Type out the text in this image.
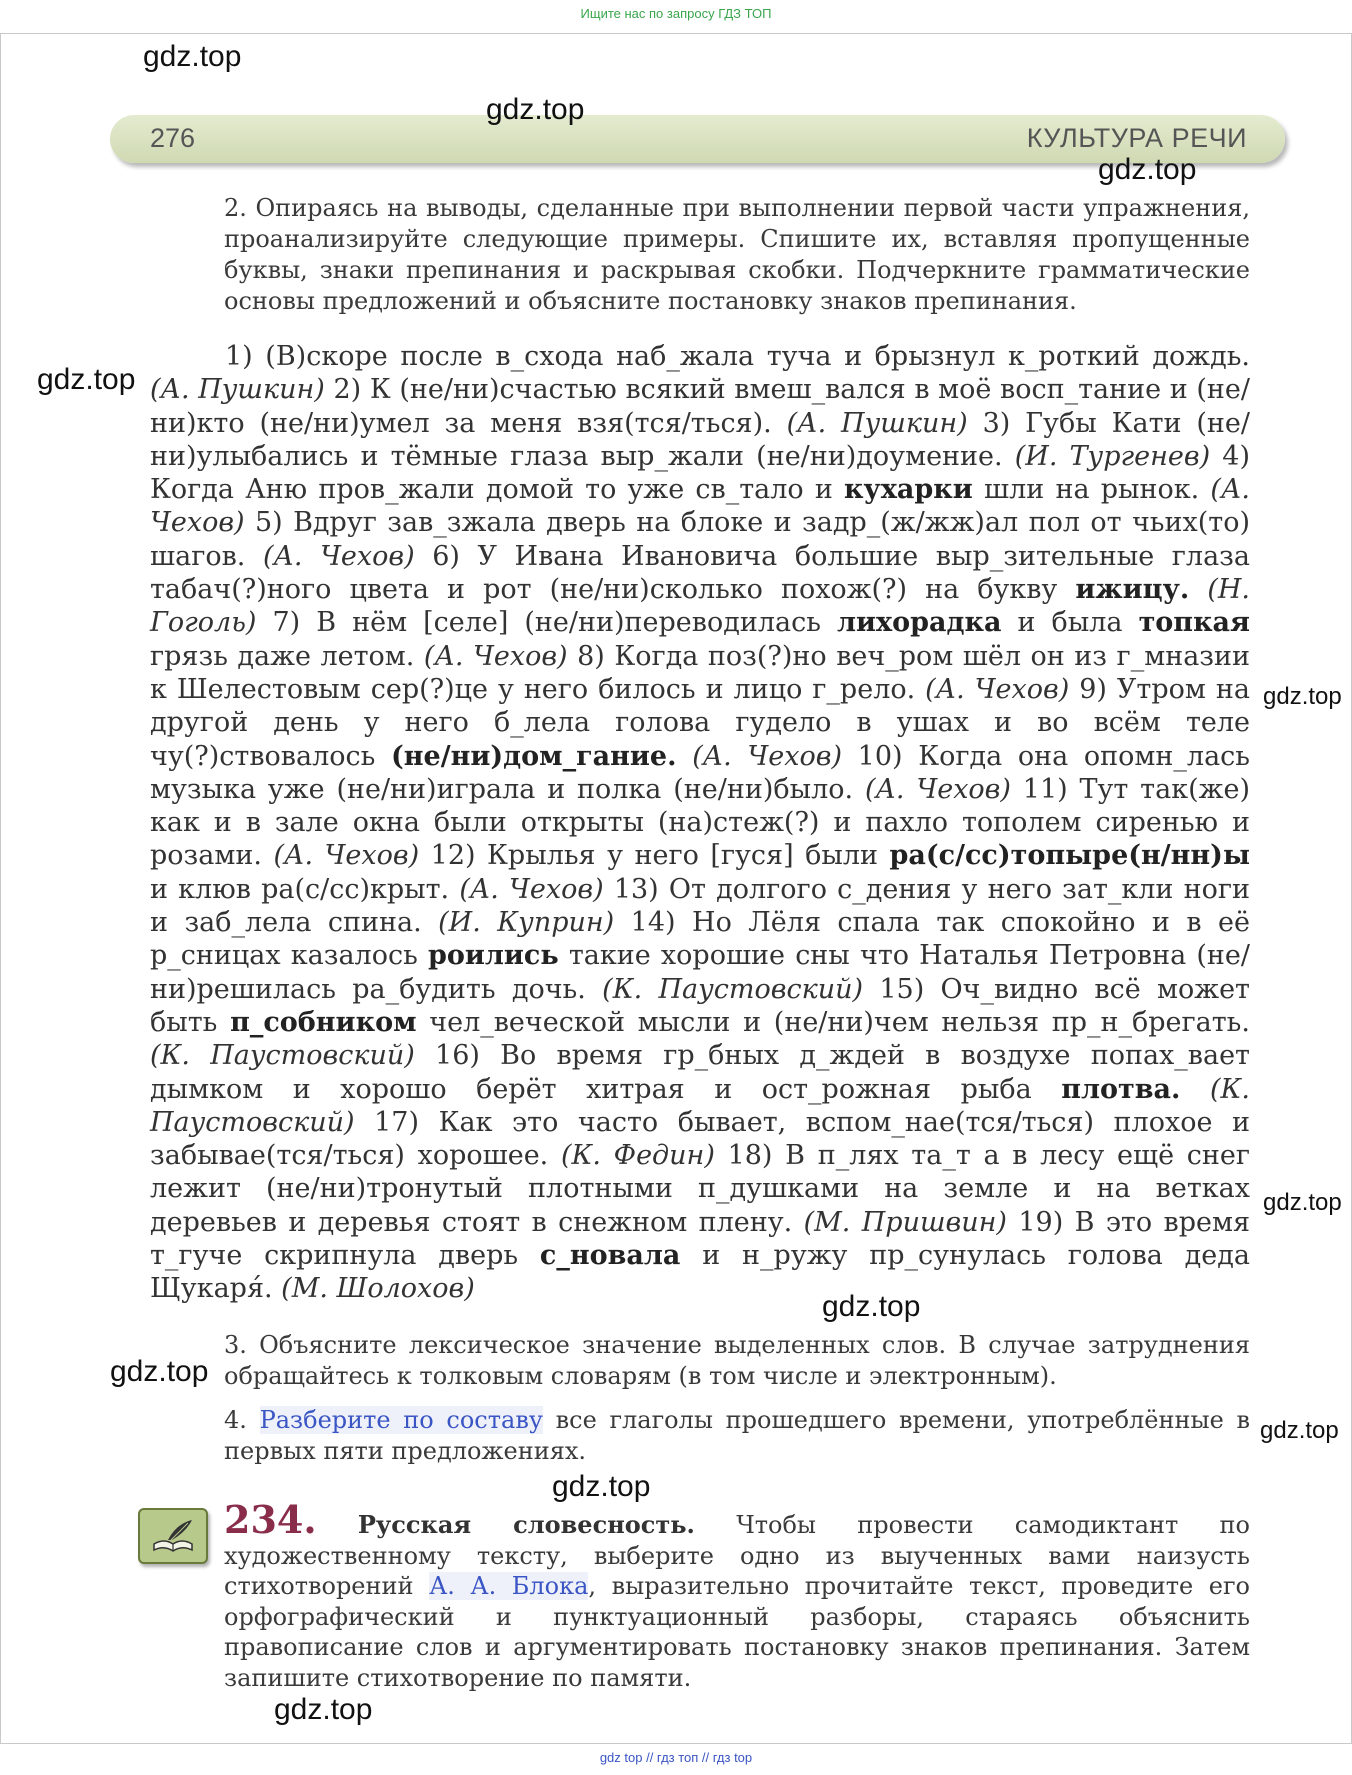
Ищите нас по запросу ГДЗ ТОП
276	КУЛЬТУРА РЕЧИ

2. Опираясь на выводы, сделанные при выполнении первой части упражнения, проанализируйте следующие примеры. Спишите их, вставляя пропущенные буквы, знаки препинания и раскрывая скобки. Подчеркните грамматические основы предложений и объясните постановку знаков препинания.

1) (В)скоре после в_схода наб_жала туча и брызнул к_роткий дождь. (А. Пушкин) 2) К (не/ни)счастью всякий вмеш_вался в моё восп_тание и (не/ни)кто (не/ни)умел за меня взя(тся/ться). (А. Пушкин) 3) Губы Кати (не/ни)улыбались и тёмные глаза выр_жали (не/ни)доумение. (И. Тургенев) 4) Когда Аню пров_жали домой то уже св_тало и кухарки шли на рынок. (А. Чехов) 5) Вдруг зав_зжала дверь на блоке и задр_(ж/жж)ал пол от чьих(то) шагов. (А. Чехов) 6) У Ивана Ивановича большие выр_зительные глаза табач(?)ного цвета и рот (не/ни)сколько похож(?) на букву ижицу. (Н. Гоголь) 7) В нём [селе] (не/ни)переводилась лихорадка и была топкая грязь даже летом. (А. Чехов) 8) Когда поз(?)но веч_ром шёл он из г_мназии к Шелестовым сер(?)це у него билось и лицо г_рело. (А. Чехов) 9) Утром на другой день у него б_лела голова гудело в ушах и во всём теле чу(?)ствовалось (не/ни)дом_гание. (А. Чехов) 10) Когда она опомн_лась музыка уже (не/ни)играла и полка (не/ни)было. (А. Чехов) 11) Тут так(же) как и в зале окна были открыты (на)стеж(?) и пахло тополем сиренью и розами. (А. Чехов) 12) Крылья у него [гуся] были ра(с/сс)топыре(н/нн)ы и клюв ра(с/сс)крыт. (А. Чехов) 13) От долгого с_дения у него зат_кли ноги и заб_лела спина. (И. Куприн) 14) Но Лёля спала так спокойно и в её р_сницах казалось роились такие хорошие сны что Наталья Петровна (не/ни)решилась ра_будить дочь. (К. Паустовский) 15) Оч_видно всё может быть п_собником чел_веческой мысли и (не/ни)чем нельзя пр_н_брегать. (К. Паустовский) 16) Во время гр_бных д_ждей в воздухе попах_вает дымком и хорошо берёт хитрая и ост_рожная рыба плотва. (К. Паустовский) 17) Как это часто бывает, вспом_нае(тся/ться) плохое и забывае(тся/ться) хорошее. (К. Федин) 18) В п_лях та_т а в лесу ещё снег лежит (не/ни)тронутый плотными п_душками на земле и на ветках деревьев и деревья стоят в снежном плену. (М. Пришвин) 19) В это время т_гуче скрипнула дверь с_новала и н_ружу пр_сунулась голова деда Щукаря́. (М. Шолохов)

3. Объясните лексическое значение выделенных слов. В случае затруднения обращайтесь к толковым словарям (в том числе и электронным).

4. Разберите по составу все глаголы прошедшего времени, употреблённые в первых пяти предложениях.

234. Русская словесность. Чтобы провести самодиктант по художественному тексту, выберите одно из выученных вами наизусть стихотворений А. А. Блока, выразительно прочитайте текст, проведите его орфографический и пунктуационный разборы, стараясь объяснить правописание слов и аргументировать постановку знаков препинания. Затем запишите стихотворение по памяти.

gdz.top
gdz.top
gdz.top
gdz.top
gdz.top
gdz.top
gdz.top
gdz.top
gdz.top
gdz.top
gdz.top
gdz top // гдз топ // гдз top
